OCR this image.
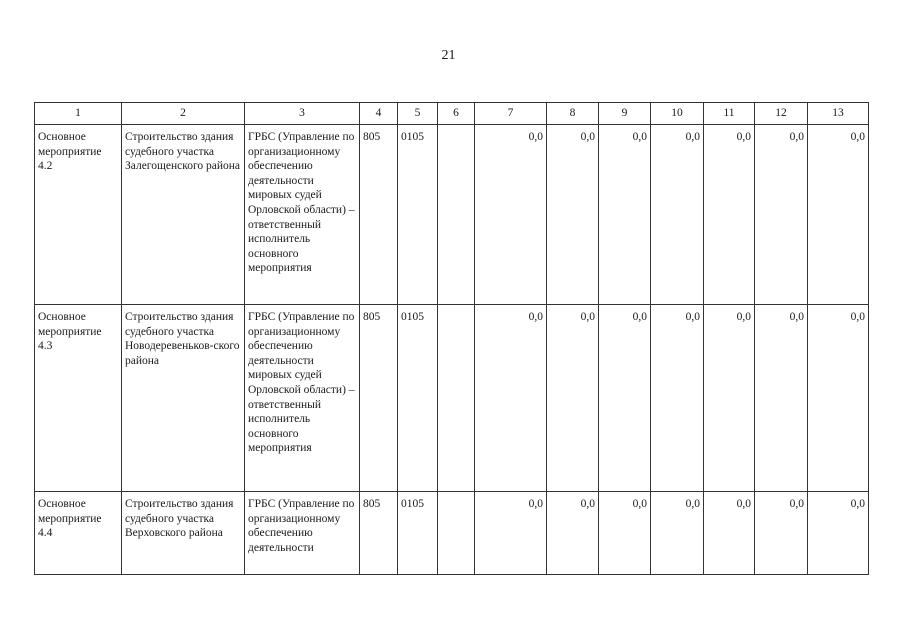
21
1	2	3	4	5	6	7	8	9	10	11	12	13
Основное мероприятие 4.2	Строительство здания судебного участка Залегощенского района	ГРБС (Управление по организационному обеспечению деятельности мировых судей Орловской области) – ответственный исполнитель основного мероприятия	805	0105		0,0	0,0	0,0	0,0	0,0	0,0	0,0
Основное мероприятие 4.3	Строительство здания судебного участка Новодеревеньков-ского района	ГРБС (Управление по организационному обеспечению деятельности мировых судей Орловской области) – ответственный исполнитель основного мероприятия	805	0105		0,0	0,0	0,0	0,0	0,0	0,0	0,0
Основное мероприятие 4.4	Строительство здания судебного участка Верховского района	ГРБС (Управление по организационному обеспечению деятельности	805	0105		0,0	0,0	0,0	0,0	0,0	0,0	0,0
